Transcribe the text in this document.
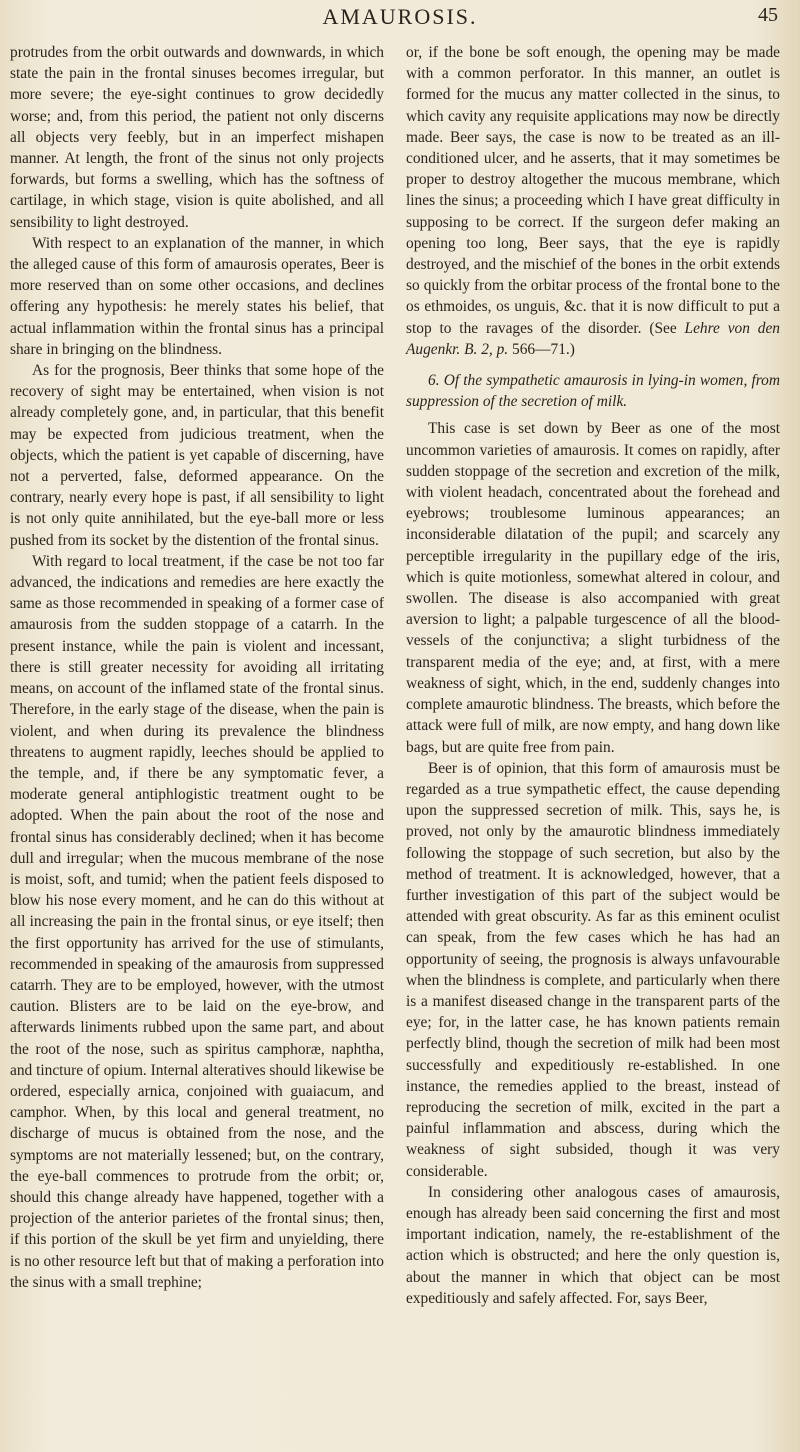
AMAUROSIS.	45

protrudes from the orbit outwards and downwards, in which state the pain in the frontal sinuses becomes irregular, but more severe; the eye-sight continues to grow decidedly worse; and, from this period, the patient not only discerns all objects very feebly, but in an imperfect mishapen manner. At length, the front of the sinus not only projects forwards, but forms a swelling, which has the softness of cartilage, in which stage, vision is quite abolished, and all sensibility to light destroyed.

With respect to an explanation of the manner, in which the alleged cause of this form of amaurosis operates, Beer is more reserved than on some other occasions, and declines offering any hypothesis: he merely states his belief, that actual inflammation within the frontal sinus has a principal share in bringing on the blindness.

As for the prognosis, Beer thinks that some hope of the recovery of sight may be entertained, when vision is not already completely gone, and, in particular, that this benefit may be expected from judicious treatment, when the objects, which the patient is yet capable of discerning, have not a perverted, false, deformed appearance. On the contrary, nearly every hope is past, if all sensibility to light is not only quite annihilated, but the eye-ball more or less pushed from its socket by the distention of the frontal sinus.

With regard to local treatment, if the case be not too far advanced, the indications and remedies are here exactly the same as those recommended in speaking of a former case of amaurosis from the sudden stoppage of a catarrh. In the present instance, while the pain is violent and incessant, there is still greater necessity for avoiding all irritating means, on account of the inflamed state of the frontal sinus. Therefore, in the early stage of the disease, when the pain is violent, and when during its prevalence the blindness threatens to augment rapidly, leeches should be applied to the temple, and, if there be any symptomatic fever, a moderate general antiphlogistic treatment ought to be adopted. When the pain about the root of the nose and frontal sinus has considerably declined; when it has become dull and irregular; when the mucous membrane of the nose is moist, soft, and tumid; when the patient feels disposed to blow his nose every moment, and he can do this without at all increasing the pain in the frontal sinus, or eye itself; then the first opportunity has arrived for the use of stimulants, recommended in speaking of the amaurosis from suppressed catarrh. They are to be employed, however, with the utmost caution. Blisters are to be laid on the eye-brow, and afterwards liniments rubbed upon the same part, and about the root of the nose, such as spiritus camphoræ, naphtha, and tincture of opium. Internal alteratives should likewise be ordered, especially arnica, conjoined with guaiacum, and camphor. When, by this local and general treatment, no discharge of mucus is obtained from the nose, and the symptoms are not materially lessened; but, on the contrary, the eye-ball commences to protrude from the orbit; or, should this change already have happened, together with a projection of the anterior parietes of the frontal sinus; then, if this portion of the skull be yet firm and unyielding, there is no other resource left but that of making a perforation into the sinus with a small trephine;

or, if the bone be soft enough, the opening may be made with a common perforator. In this manner, an outlet is formed for the mucus any matter collected in the sinus, to which cavity any requisite applications may now be directly made. Beer says, the case is now to be treated as an ill-conditioned ulcer, and he asserts, that it may sometimes be proper to destroy altogether the mucous membrane, which lines the sinus; a proceeding which I have great difficulty in supposing to be correct. If the surgeon defer making an opening too long, Beer says, that the eye is rapidly destroyed, and the mischief of the bones in the orbit extends so quickly from the orbitar process of the frontal bone to the os ethmoides, os unguis, &c. that it is now difficult to put a stop to the ravages of the disorder. (See Lehre von den Augenkr. B. 2, p. 566—71.)

6. Of the sympathetic amaurosis in lying-in women, from suppression of the secretion of milk.

This case is set down by Beer as one of the most uncommon varieties of amaurosis. It comes on rapidly, after sudden stoppage of the secretion and excretion of the milk, with violent headach, concentrated about the forehead and eyebrows; troublesome luminous appearances; an inconsiderable dilatation of the pupil; and scarcely any perceptible irregularity in the pupillary edge of the iris, which is quite motionless, somewhat altered in colour, and swollen. The disease is also accompanied with great aversion to light; a palpable turgescence of all the blood-vessels of the conjunctiva; a slight turbidness of the transparent media of the eye; and, at first, with a mere weakness of sight, which, in the end, suddenly changes into complete amaurotic blindness. The breasts, which before the attack were full of milk, are now empty, and hang down like bags, but are quite free from pain.

Beer is of opinion, that this form of amaurosis must be regarded as a true sympathetic effect, the cause depending upon the suppressed secretion of milk. This, says he, is proved, not only by the amaurotic blindness immediately following the stoppage of such secretion, but also by the method of treatment. It is acknowledged, however, that a further investigation of this part of the subject would be attended with great obscurity. As far as this eminent oculist can speak, from the few cases which he has had an opportunity of seeing, the prognosis is always unfavourable when the blindness is complete, and particularly when there is a manifest diseased change in the transparent parts of the eye; for, in the latter case, he has known patients remain perfectly blind, though the secretion of milk had been most successfully and expeditiously re-established. In one instance, the remedies applied to the breast, instead of reproducing the secretion of milk, excited in the part a painful inflammation and abscess, during which the weakness of sight subsided, though it was very considerable.

In considering other analogous cases of amaurosis, enough has already been said concerning the first and most important indication, namely, the re-establishment of the action which is obstructed; and here the only question is, about the manner in which that object can be most expeditiously and safely affected. For, says Beer,
